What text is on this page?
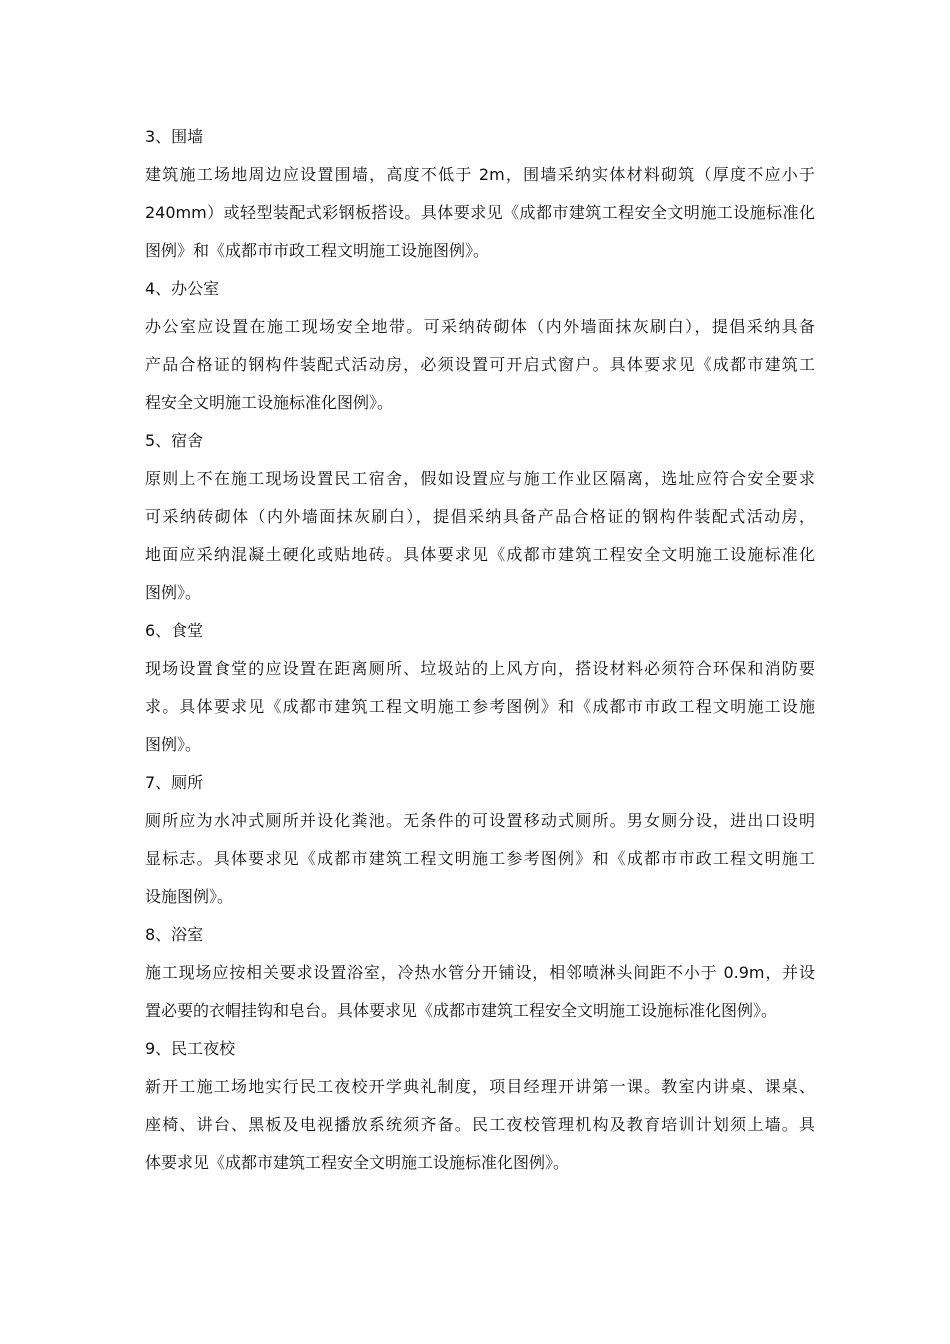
3、围墙
建筑施工场地周边应设置围墙，高度不低于 2m，围墙采纳实体材料砌筑（厚度不应小于
240mm）或轻型装配式彩钢板搭设。具体要求见《成都市建筑工程安全文明施工设施标准化
图例》和《成都市市政工程文明施工设施图例》。
4、办公室
办公室应设置在施工现场安全地带。可采纳砖砌体（内外墙面抹灰刷白），提倡采纳具备
产品合格证的钢构件装配式活动房，必须设置可开启式窗户。具体要求见《成都市建筑工
程安全文明施工设施标准化图例》。
5、宿舍
原则上不在施工现场设置民工宿舍，假如设置应与施工作业区隔离，选址应符合安全要求
可采纳砖砌体（内外墙面抹灰刷白），提倡采纳具备产品合格证的钢构件装配式活动房，
地面应采纳混凝土硬化或贴地砖。具体要求见《成都市建筑工程安全文明施工设施标准化
图例》。
6、食堂
现场设置食堂的应设置在距离厕所、垃圾站的上风方向，搭设材料必须符合环保和消防要
求。具体要求见《成都市建筑工程文明施工参考图例》和《成都市市政工程文明施工设施
图例》。
7、厕所
厕所应为水冲式厕所并设化粪池。无条件的可设置移动式厕所。男女厕分设，进出口设明
显标志。具体要求见《成都市建筑工程文明施工参考图例》和《成都市市政工程文明施工
设施图例》。
8、浴室
施工现场应按相关要求设置浴室，冷热水管分开铺设，相邻喷淋头间距不小于 0.9m，并设
置必要的衣帽挂钩和皂台。具体要求见《成都市建筑工程安全文明施工设施标准化图例》。
9、民工夜校
新开工施工场地实行民工夜校开学典礼制度，项目经理开讲第一课。教室内讲桌、课桌、
座椅、讲台、黑板及电视播放系统须齐备。民工夜校管理机构及教育培训计划须上墙。具
体要求见《成都市建筑工程安全文明施工设施标准化图例》。
